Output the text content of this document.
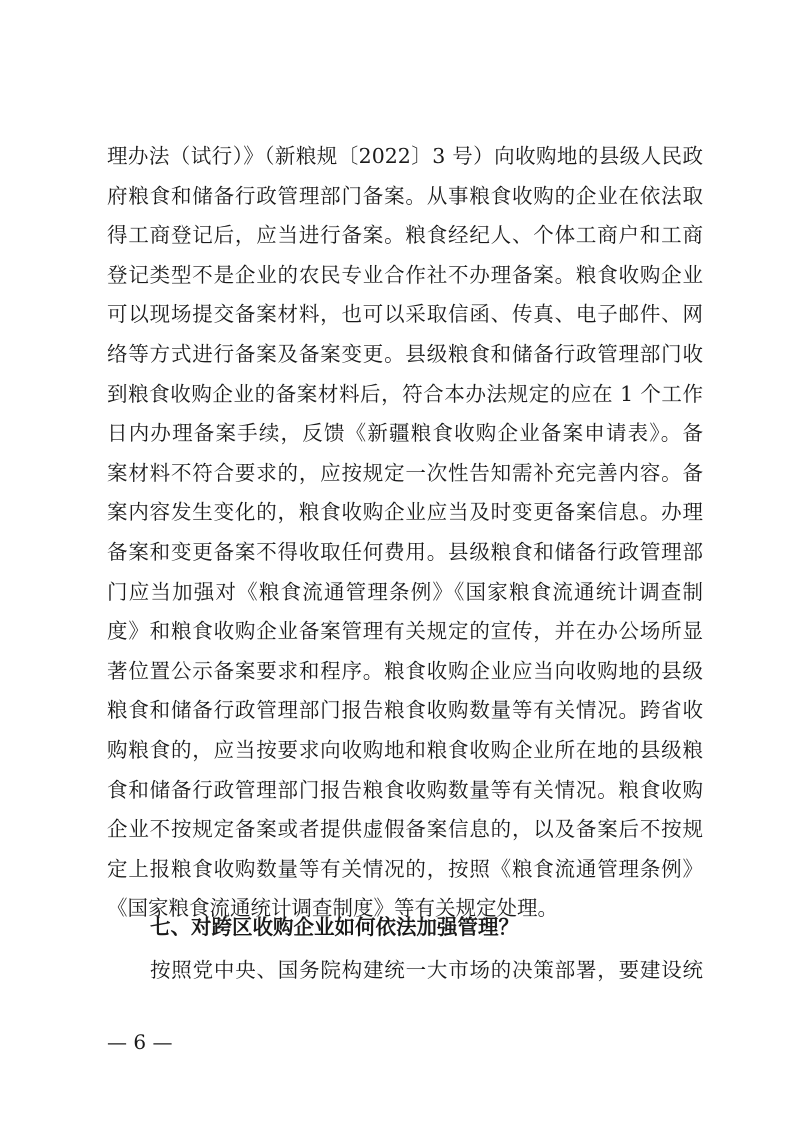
理办法（试行）》（新粮规〔2022〕3 号）向收购地的县级人民政
府粮食和储备行政管理部门备案。从事粮食收购的企业在依法取
得工商登记后，应当进行备案。粮食经纪人、个体工商户和工商
登记类型不是企业的农民专业合作社不办理备案。粮食收购企业
可以现场提交备案材料，也可以采取信函、传真、电子邮件、网
络等方式进行备案及备案变更。县级粮食和储备行政管理部门收
到粮食收购企业的备案材料后，符合本办法规定的应在 1 个工作
日内办理备案手续，反馈《新疆粮食收购企业备案申请表》。备
案材料不符合要求的，应按规定一次性告知需补充完善内容。备
案内容发生变化的，粮食收购企业应当及时变更备案信息。办理
备案和变更备案不得收取任何费用。县级粮食和储备行政管理部
门应当加强对《粮食流通管理条例》《国家粮食流通统计调查制
度》和粮食收购企业备案管理有关规定的宣传，并在办公场所显
著位置公示备案要求和程序。粮食收购企业应当向收购地的县级
粮食和储备行政管理部门报告粮食收购数量等有关情况。跨省收
购粮食的，应当按要求向收购地和粮食收购企业所在地的县级粮
食和储备行政管理部门报告粮食收购数量等有关情况。粮食收购
企业不按规定备案或者提供虚假备案信息的，以及备案后不按规
定上报粮食收购数量等有关情况的，按照《粮食流通管理条例》
《国家粮食流通统计调查制度》等有关规定处理。
七、对跨区收购企业如何依法加强管理？
按照党中央、国务院构建统一大市场的决策部署，要建设统
— 6 —
